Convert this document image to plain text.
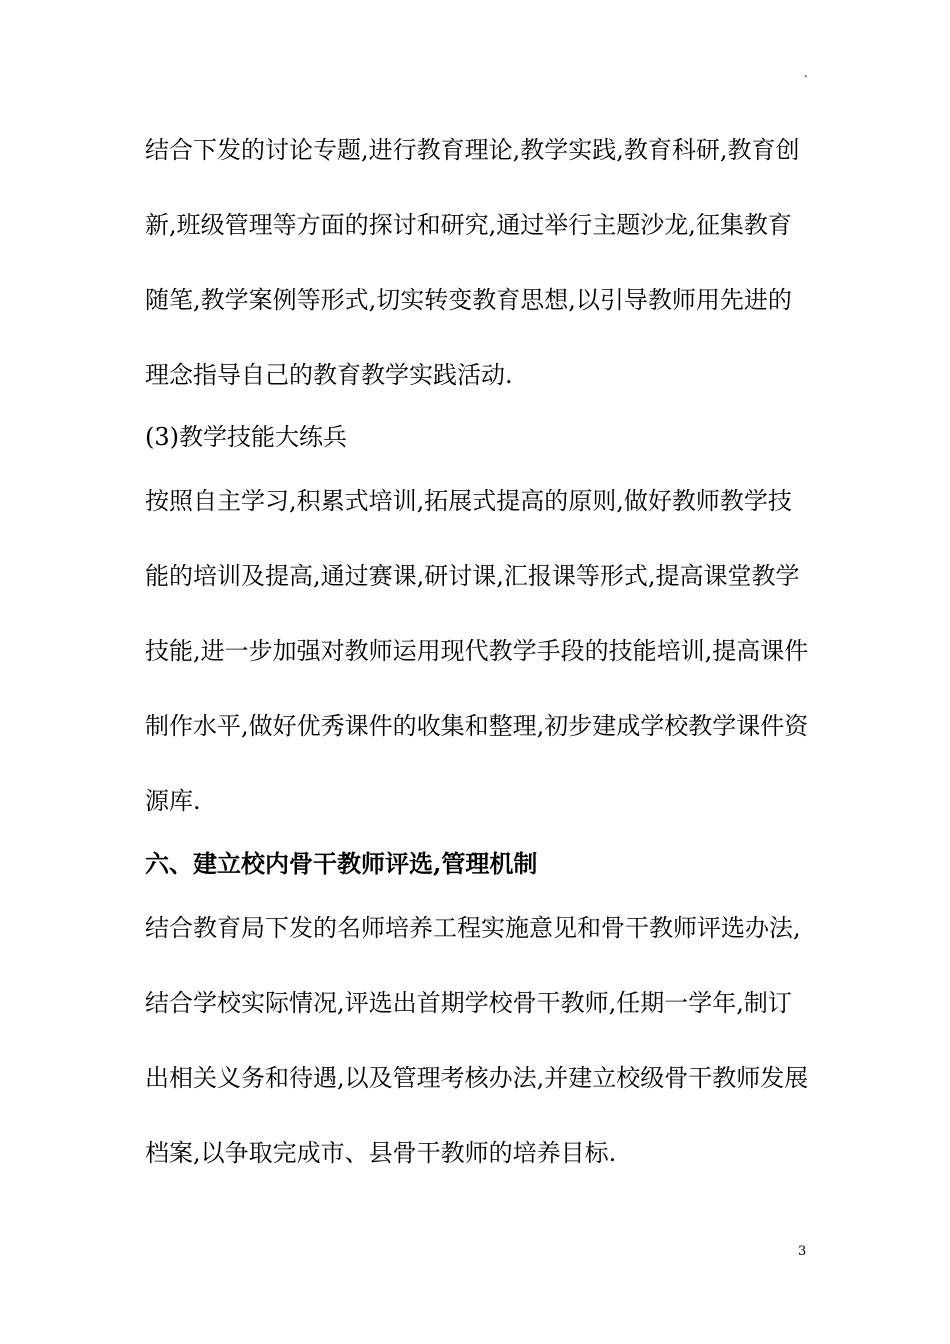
.
结合下发的讨论专题,进行教育理论,教学实践,教育科研,教育创
新,班级管理等方面的探讨和研究,通过举行主题沙龙,征集教育
随笔,教学案例等形式,切实转变教育思想,以引导教师用先进的
理念指导自己的教育教学实践活动.
(3)教学技能大练兵
按照自主学习,积累式培训,拓展式提高的原则,做好教师教学技
能的培训及提高,通过赛课,研讨课,汇报课等形式,提高课堂教学
技能,进一步加强对教师运用现代教学手段的技能培训,提高课件
制作水平,做好优秀课件的收集和整理,初步建成学校教学课件资
源库.
六、建立校内骨干教师评选,管理机制
结合教育局下发的名师培养工程实施意见和骨干教师评选办法,
结合学校实际情况,评选出首期学校骨干教师,任期一学年,制订
出相关义务和待遇,以及管理考核办法,并建立校级骨干教师发展
档案,以争取完成市、县骨干教师的培养目标.
3
